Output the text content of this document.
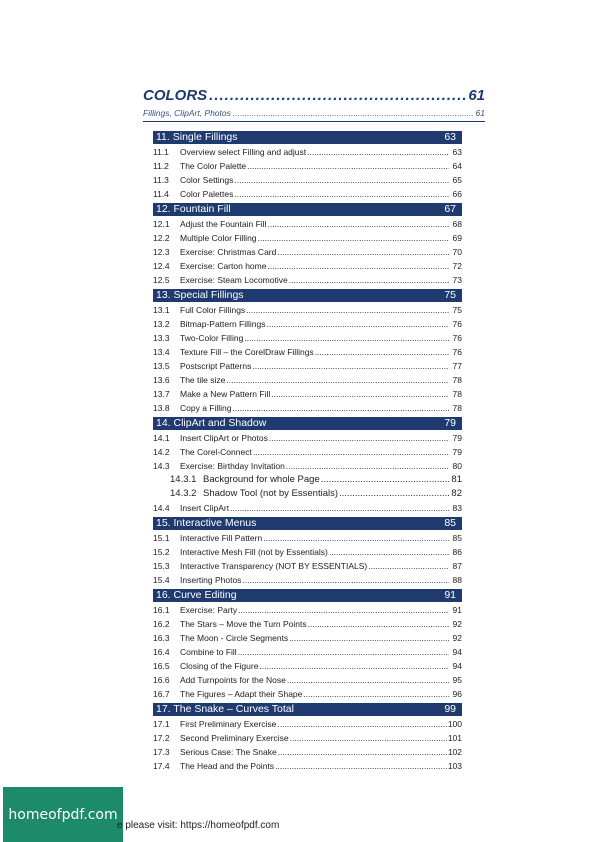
COLORS .....	61
Fillings, ClipArt, Photos .....	61
11. Single Fillings	63
11.1	Overview select Filling and adjust .....	63
11.2	The Color Palette .....	64
11.3	Color Settings .....	65
11.4	Color Palettes .....	66
12. Fountain Fill	67
12.1	Adjust the Fountain Fill .....	68
12.2	Multiple Color Filling .....	69
12.3	Exercise: Christmas Card .....	70
12.4	Exercise: Carton home .....	72
12.5	Exercise: Steam Locomotive .....	73
13. Special Fillings	75
13.1	Full Color Fillings .....	75
13.2	Bitmap-Pattern Fillings .....	76
13.3	Two-Color Filling .....	76
13.4	Texture Fill – the CorelDraw Fillings .....	76
13.5	Postscript Patterns .....	77
13.6	The tile size .....	78
13.7	Make a New Pattern Fill .....	78
13.8	Copy a Filling .....	78
14. ClipArt and Shadow	79
14.1	Insert ClipArt or Photos .....	79
14.2	The Corel-Connect .....	79
14.3	Exercise: Birthday Invitation .....	80
14.3.1 Background for whole Page .....	81
14.3.2 Shadow Tool (not by Essentials) .....	82
14.4	Insert ClipArt .....	83
15. Interactive Menus	85
15.1	Interactive Fill Pattern .....	85
15.2	Interactive Mesh Fill (not by Essentials) .....	86
15.3	Interactive Transparency (NOT BY ESSENTIALS) .....	87
15.4	Inserting Photos .....	88
16. Curve Editing	91
16.1	Exercise: Party .....	91
16.2	The Stars – Move the Turn Points .....	92
16.3	The Moon - Circle Segments .....	92
16.4	Combine to Fill .....	94
16.5	Closing of the Figure .....	94
16.6	Add Turnpoints for the Nose .....	95
16.7	The Figures – Adapt their Shape .....	96
17. The Snake – Curves Total	99
17.1	First Preliminary Exercise .....	100
17.2	Second Preliminary Exercise .....	101
17.3	Serious Case: The Snake .....	102
17.4	The Head and the Points .....	103
homeofpdf.com
e please visit: https://homeofpdf.com
